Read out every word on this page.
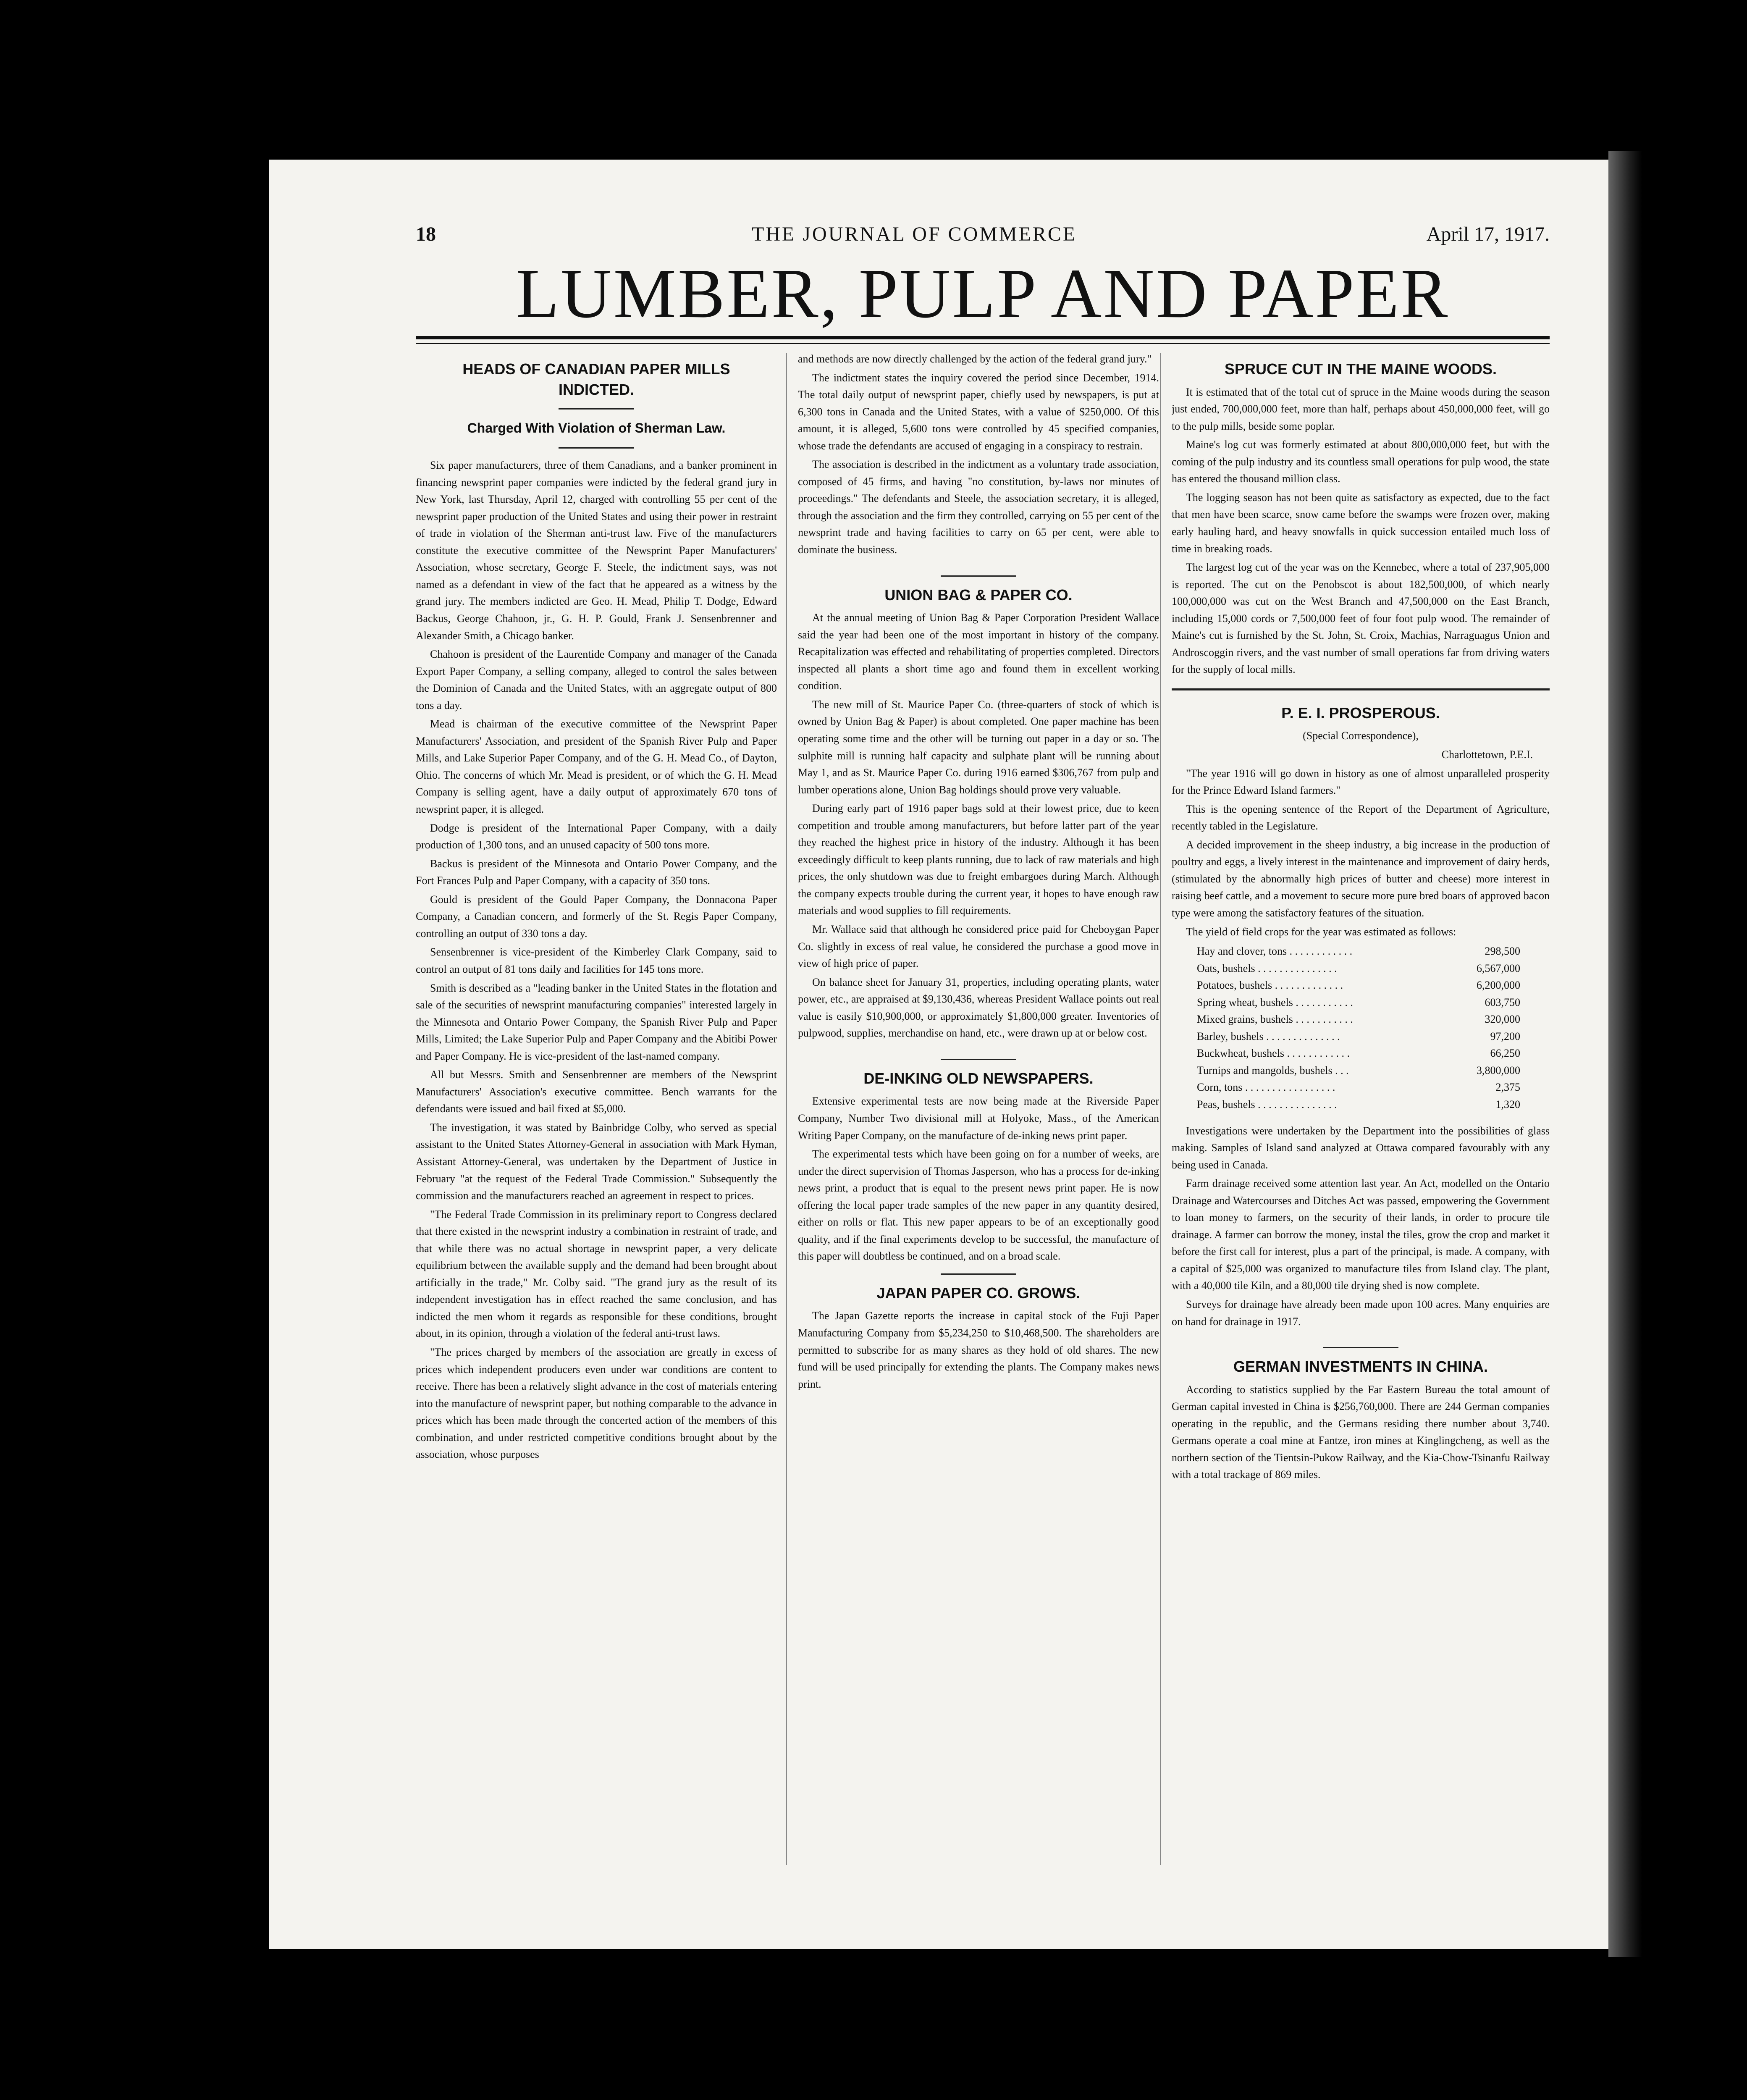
18	THE JOURNAL OF COMMERCE	April 17, 1917.
LUMBER, PULP AND PAPER
HEADS OF CANADIAN PAPER MILLS INDICTED.
Charged With Violation of Sherman Law.

Six paper manufacturers, three of them Canadians, and a banker prominent in financing newsprint paper companies were indicted by the federal grand jury in New York, last Thursday, April 12, charged with controlling 55 per cent of the newsprint paper production of the United States and using their power in restraint of trade in violation of the Sherman anti-trust law. Five of the manufacturers constitute the executive committee of the Newsprint Paper Manufacturers' Association, whose secretary, George F. Steele, the indictment says, was not named as a defendant in view of the fact that he appeared as a witness by the grand jury. The members indicted are Geo. H. Mead, Philip T. Dodge, Edward Backus, George Chahoon, jr., G. H. P. Gould, Frank J. Sensenbrenner and Alexander Smith, a Chicago banker.

Chahoon is president of the Laurentide Company and manager of the Canada Export Paper Company, a selling company, alleged to control the sales between the Dominion of Canada and the United States, with an aggregate output of 800 tons a day.

Mead is chairman of the executive committee of the Newsprint Paper Manufacturers' Association, and president of the Spanish River Pulp and Paper Mills, and Lake Superior Paper Company, and of the G. H. Mead Co., of Dayton, Ohio. The concerns of which Mr. Mead is president, or of which the G. H. Mead Company is selling agent, have a daily output of approximately 670 tons of newsprint paper, it is alleged.

Dodge is president of the International Paper Company, with a daily production of 1,300 tons, and an unused capacity of 500 tons more.

Backus is president of the Minnesota and Ontario Power Company, and the Fort Frances Pulp and Paper Company, with a capacity of 350 tons.

Gould is president of the Gould Paper Company, the Donnacona Paper Company, a Canadian concern, and formerly of the St. Regis Paper Company, controlling an output of 330 tons a day.

Sensenbrenner is vice-president of the Kimberley Clark Company, said to control an output of 81 tons daily and facilities for 145 tons more.

Smith is described as a "leading banker in the United States in the flotation and sale of the securities of newsprint manufacturing companies" interested largely in the Minnesota and Ontario Power Company, the Spanish River Pulp and Paper Mills, Limited; the Lake Superior Pulp and Paper Company and the Abitibi Power and Paper Company. He is vice-president of the last-named company.

All but Messrs. Smith and Sensenbrenner are members of the Newsprint Manufacturers' Association's executive committee. Bench warrants for the defendants were issued and bail fixed at $5,000.

The investigation, it was stated by Bainbridge Colby, who served as special assistant to the United States Attorney-General in association with Mark Hyman, Assistant Attorney-General, was undertaken by the Department of Justice in February "at the request of the Federal Trade Commission." Subsequently the commission and the manufacturers reached an agreement in respect to prices.

"The Federal Trade Commission in its preliminary report to Congress declared that there existed in the newsprint industry a combination in restraint of trade, and that while there was no actual shortage in newsprint paper, a very delicate equilibrium between the available supply and the demand had been brought about artificially in the trade," Mr. Colby said. "The grand jury as the result of its independent investigation has in effect reached the same conclusion, and has indicted the men whom it regards as responsible for these conditions, brought about, in its opinion, through a violation of the federal anti-trust laws.

"The prices charged by members of the association are greatly in excess of prices which independent producers even under war conditions are content to receive. There has been a relatively slight advance in the cost of materials entering into the manufacture of newsprint paper, but nothing comparable to the advance in prices which has been made through the concerted action of the members of this combination, and under restricted competitive conditions brought about by the association, whose purposes

and methods are now directly challenged by the action of the federal grand jury."

The indictment states the inquiry covered the period since December, 1914. The total daily output of newsprint paper, chiefly used by newspapers, is put at 6,300 tons in Canada and the United States, with a value of $250,000. Of this amount, it is alleged, 5,600 tons were controlled by 45 specified companies, whose trade the defendants are accused of engaging in a conspiracy to restrain.

The association is described in the indictment as a voluntary trade association, composed of 45 firms, and having "no constitution, by-laws nor minutes of proceedings." The defendants and Steele, the association secretary, it is alleged, through the association and the firm they controlled, carrying on 55 per cent of the newsprint trade and having facilities to carry on 65 per cent, were able to dominate the business.

UNION BAG & PAPER CO.

At the annual meeting of Union Bag & Paper Corporation President Wallace said the year had been one of the most important in history of the company. Recapitalization was effected and rehabilitating of properties completed. Directors inspected all plants a short time ago and found them in excellent working condition.

The new mill of St. Maurice Paper Co. (three-quarters of stock of which is owned by Union Bag & Paper) is about completed. One paper machine has been operating some time and the other will be turning out paper in a day or so. The sulphite mill is running half capacity and sulphate plant will be running about May 1, and as St. Maurice Paper Co. during 1916 earned $306,767 from pulp and lumber operations alone, Union Bag holdings should prove very valuable.

During early part of 1916 paper bags sold at their lowest price, due to keen competition and trouble among manufacturers, but before latter part of the year they reached the highest price in history of the industry. Although it has been exceedingly difficult to keep plants running, due to lack of raw materials and high prices, the only shutdown was due to freight embargoes during March. Although the company expects trouble during the current year, it hopes to have enough raw materials and wood supplies to fill requirements.

Mr. Wallace said that although he considered price paid for Cheboygan Paper Co. slightly in excess of real value, he considered the purchase a good move in view of high price of paper.

On balance sheet for January 31, properties, including operating plants, water power, etc., are appraised at $9,130,436, whereas President Wallace points out real value is easily $10,900,000, or approximately $1,800,000 greater. Inventories of pulpwood, supplies, merchandise on hand, etc., were drawn up at or below cost.

DE-INKING OLD NEWSPAPERS.

Extensive experimental tests are now being made at the Riverside Paper Company, Number Two divisional mill at Holyoke, Mass., of the American Writing Paper Company, on the manufacture of de-inking news print paper.

The experimental tests which have been going on for a number of weeks, are under the direct supervision of Thomas Jasperson, who has a process for de-inking news print, a product that is equal to the present news print paper. He is now offering the local paper trade samples of the new paper in any quantity desired, either on rolls or flat. This new paper appears to be of an exceptionally good quality, and if the final experiments develop to be successful, the manufacture of this paper will doubtless be continued, and on a broad scale.

JAPAN PAPER CO. GROWS.

The Japan Gazette reports the increase in capital stock of the Fuji Paper Manufacturing Company from $5,234,250 to $10,468,500. The shareholders are permitted to subscribe for as many shares as they hold of old shares. The new fund will be used principally for extending the plants. The Company makes news print.

SPRUCE CUT IN THE MAINE WOODS.

It is estimated that of the total cut of spruce in the Maine woods during the season just ended, 700,000,000 feet, more than half, perhaps about 450,000,000 feet, will go to the pulp mills, beside some poplar.

Maine's log cut was formerly estimated at about 800,000,000 feet, but with the coming of the pulp industry and its countless small operations for pulp wood, the state has entered the thousand million class.

The logging season has not been quite as satisfactory as expected, due to the fact that men have been scarce, snow came before the swamps were frozen over, making early hauling hard, and heavy snowfalls in quick succession entailed much loss of time in breaking roads.

The largest log cut of the year was on the Kennebec, where a total of 237,905,000 is reported. The cut on the Penobscot is about 182,500,000, of which nearly 100,000,000 was cut on the West Branch and 47,500,000 on the East Branch, including 15,000 cords or 7,500,000 feet of four foot pulp wood. The remainder of Maine's cut is furnished by the St. John, St. Croix, Machias, Narraguagus Union and Androscoggin rivers, and the vast number of small operations far from driving waters for the supply of local mills.

P. E. I. PROSPEROUS.

(Special Correspondence),

Charlottetown, P.E.I.

"The year 1916 will go down in history as one of almost unparalleled prosperity for the Prince Edward Island farmers."

This is the opening sentence of the Report of the Department of Agriculture, recently tabled in the Legislature.

A decided improvement in the sheep industry, a big increase in the production of poultry and eggs, a lively interest in the maintenance and improvement of dairy herds, (stimulated by the abnormally high prices of butter and cheese) more interest in raising beef cattle, and a movement to secure more pure bred boars of approved bacon type were among the satisfactory features of the situation.

The yield of field crops for the year was estimated as follows:

Hay and clover, tons . . . . . . . . . . . .	298,500
Oats, bushels . . . . . . . . . . . . . . .	6,567,000
Potatoes, bushels . . . . . . . . . . . . .	6,200,000
Spring wheat, bushels . . . . . . . . . . .	603,750
Mixed grains, bushels . . . . . . . . . . .	320,000
Barley, bushels . . . . . . . . . . . . . .	97,200
Buckwheat, bushels . . . . . . . . . . . .	66,250
Turnips and mangolds, bushels . . .	3,800,000
Corn, tons . . . . . . . . . . . . . . . . .	2,375
Peas, bushels . . . . . . . . . . . . . . .	1,320

Investigations were undertaken by the Department into the possibilities of glass making. Samples of Island sand analyzed at Ottawa compared favourably with any being used in Canada.

Farm drainage received some attention last year. An Act, modelled on the Ontario Drainage and Watercourses and Ditches Act was passed, empowering the Government to loan money to farmers, on the security of their lands, in order to procure tile drainage. A farmer can borrow the money, instal the tiles, grow the crop and market it before the first call for interest, plus a part of the principal, is made. A company, with a capital of $25,000 was organized to manufacture tiles from Island clay. The plant, with a 40,000 tile Kiln, and a 80,000 tile drying shed is now complete.

Surveys for drainage have already been made upon 100 acres. Many enquiries are on hand for drainage in 1917.

GERMAN INVESTMENTS IN CHINA.

According to statistics supplied by the Far Eastern Bureau the total amount of German capital invested in China is $256,760,000. There are 244 German companies operating in the republic, and the Germans residing there number about 3,740. Germans operate a coal mine at Fantze, iron mines at Kinglingcheng, as well as the northern section of the Tientsin-Pukow Railway, and the Kia-Chow-Tsinanfu Railway with a total trackage of 869 miles.
